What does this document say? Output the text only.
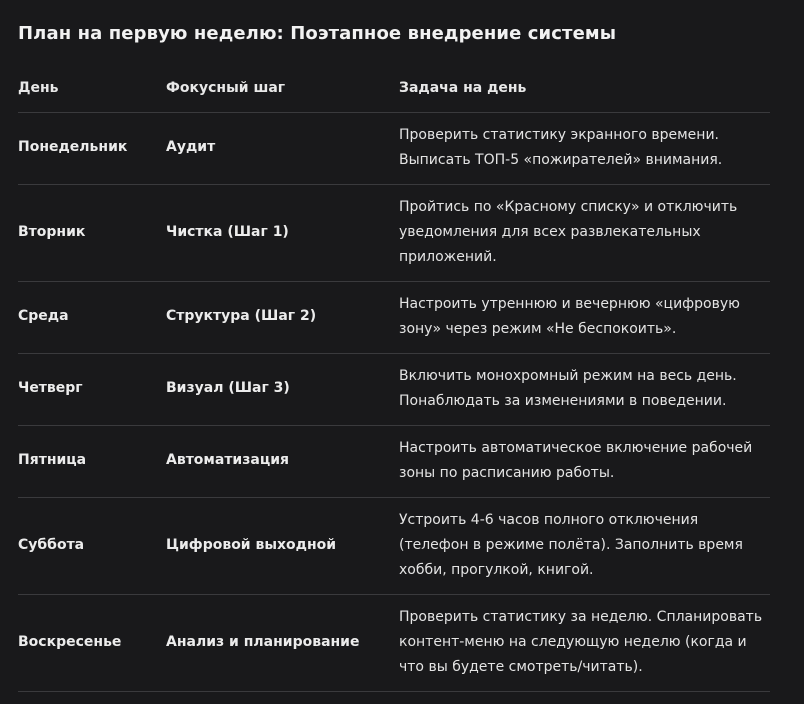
План на первую неделю: Поэтапное внедрение системы
День	Фокусный шаг	Задача на день
Понедельник	Аудит	Проверить статистику экранного времени. Выписать ТОП-5 «пожирателей» внимания.
Вторник	Чистка (Шаг 1)	Пройтись по «Красному списку» и отключить уведомления для всех развлекательных приложений.
Среда	Структура (Шаг 2)	Настроить утреннюю и вечернюю «цифровую зону» через режим «Не беспокоить».
Четверг	Визуал (Шаг 3)	Включить монохромный режим на весь день. Понаблюдать за изменениями в поведении.
Пятница	Автоматизация	Настроить автоматическое включение рабочей зоны по расписанию работы.
Суббота	Цифровой выходной	Устроить 4-6 часов полного отключения (телефон в режиме полёта). Заполнить время хобби, прогулкой, книгой.
Воскресенье	Анализ и планирование	Проверить статистику за неделю. Спланировать контент-меню на следующую неделю (когда и что вы будете смотреть/читать).
